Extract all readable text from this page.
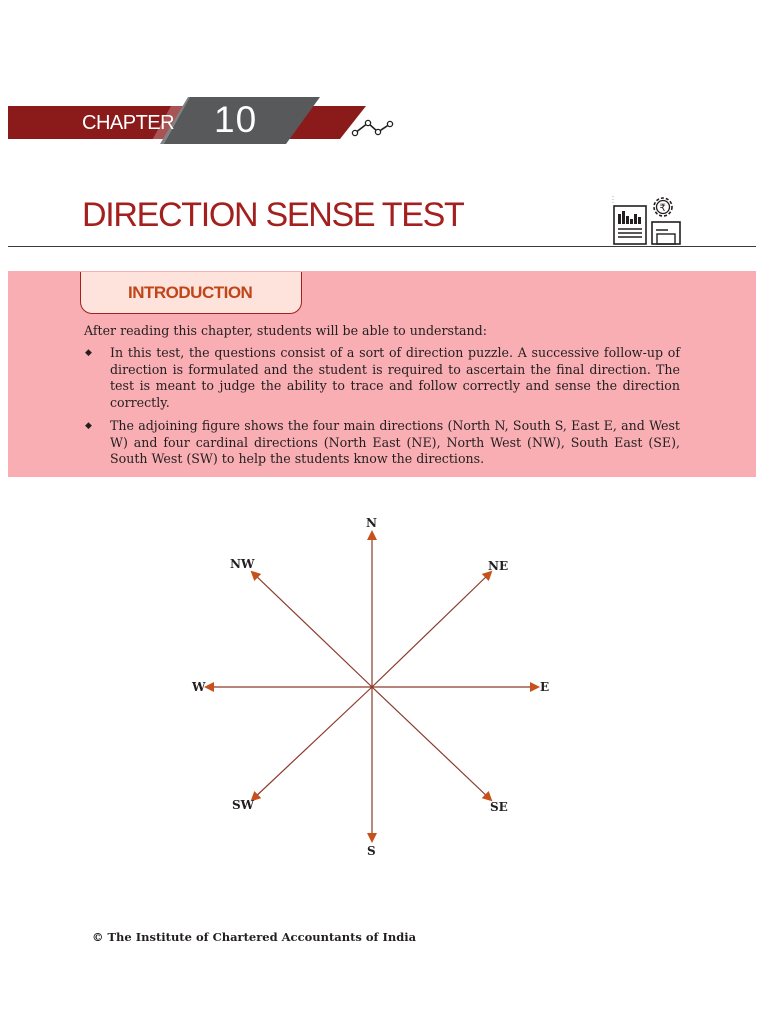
CHAPTER 10
DIRECTION SENSE TEST	₹
INTRODUCTION
After reading this chapter, students will be able to understand:
◆ In this test, the questions consist of a sort of direction puzzle. A successive follow-up of direction is formulated and the student is required to ascertain the final direction. The test is meant to judge the ability to trace and follow correctly and sense the direction correctly.
◆ The adjoining figure shows the four main directions (North N, South S, East E, and West W) and four cardinal directions (North East (NE), North West (NW), South East (SE), South West (SW) to help the students know the directions.
N
S
E
W
NE
NW
SE
SW
© The Institute of Chartered Accountants of India
